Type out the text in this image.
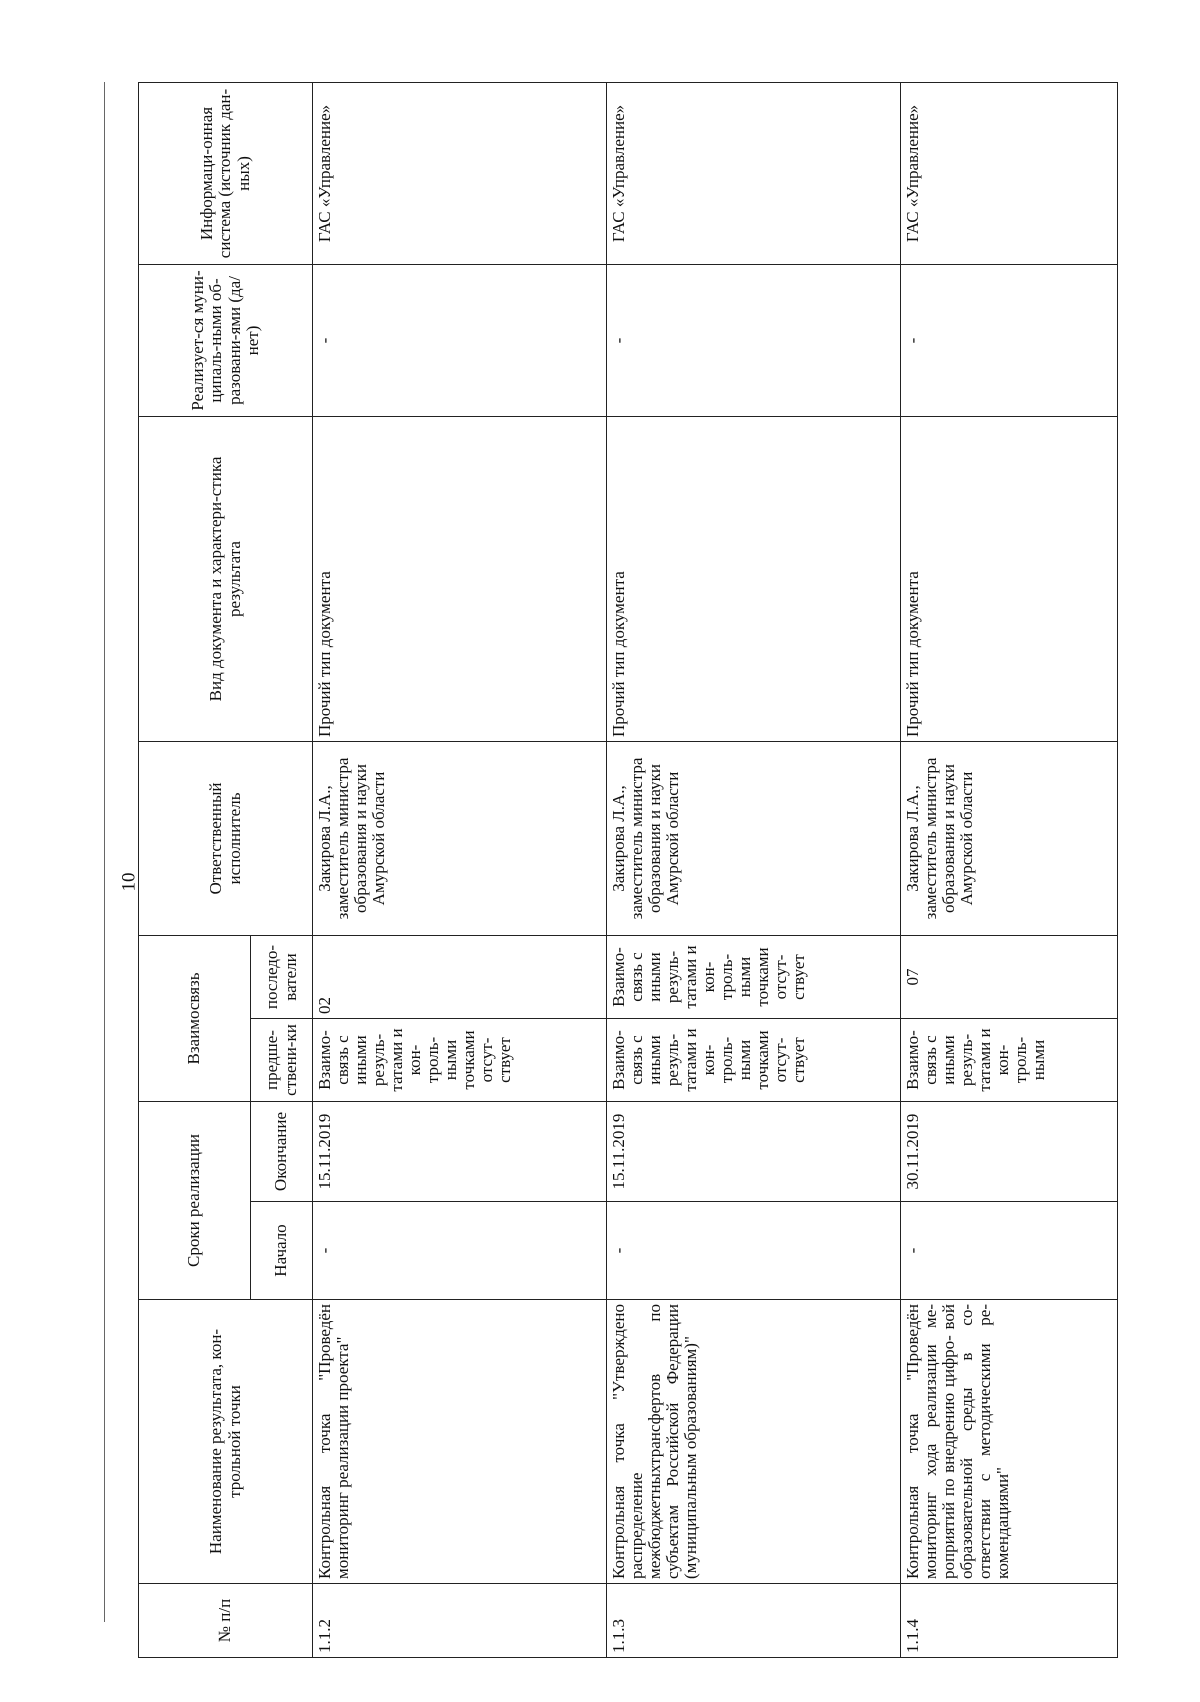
10
№ п/п	Наименование результата, кон-трольной точки	Сроки реализации		Взаимосвязь		Ответственный исполнитель	Вид документа и характери-стика результата	Реализует-ся муни-ципаль-ными об-разовани-ями (да/нет)	Информаци-онная система (источник дан-ных)
		Начало	Окончание	предше-ствени-ки	последо-ватели				
1.1.2	Контрольная точка "Проведён мониторинг реализации проекта"	-	15.11.2019	Взаимо-связь с иными резуль-татами и кон-троль-ными точками отсут-ствует	02	Закирова Л.А., заместитель министра образования и науки Амурской области	Прочий тип документа	-	ГАС «Управление»
1.1.3	Контрольная точка "Утверждено распределение межбюджетныхтрансфертов по субъектам Российской Федерации (муниципальным образованиям)"	-	15.11.2019	Взаимо-связь с иными резуль-татами и кон-троль-ными точками отсут-ствует	Взаимо-связь с иными резуль-татами и кон-троль-ными точками отсут-ствует	Закирова Л.А., заместитель министра образования и науки Амурской области	Прочий тип документа	-	ГАС «Управление»
1.1.4	Контрольная точка "Проведён мониторинг хода реализации ме-роприятий по внедрению цифро- вой образовательной среды в со-ответствии с методическими ре-комендациями"	-	30.11.2019	Взаимо-связь с иными резуль-татами и кон-троль-ными	07	Закирова Л.А., заместитель министра образования и науки Амурской области	Прочий тип документа	-	ГАС «Управление»
